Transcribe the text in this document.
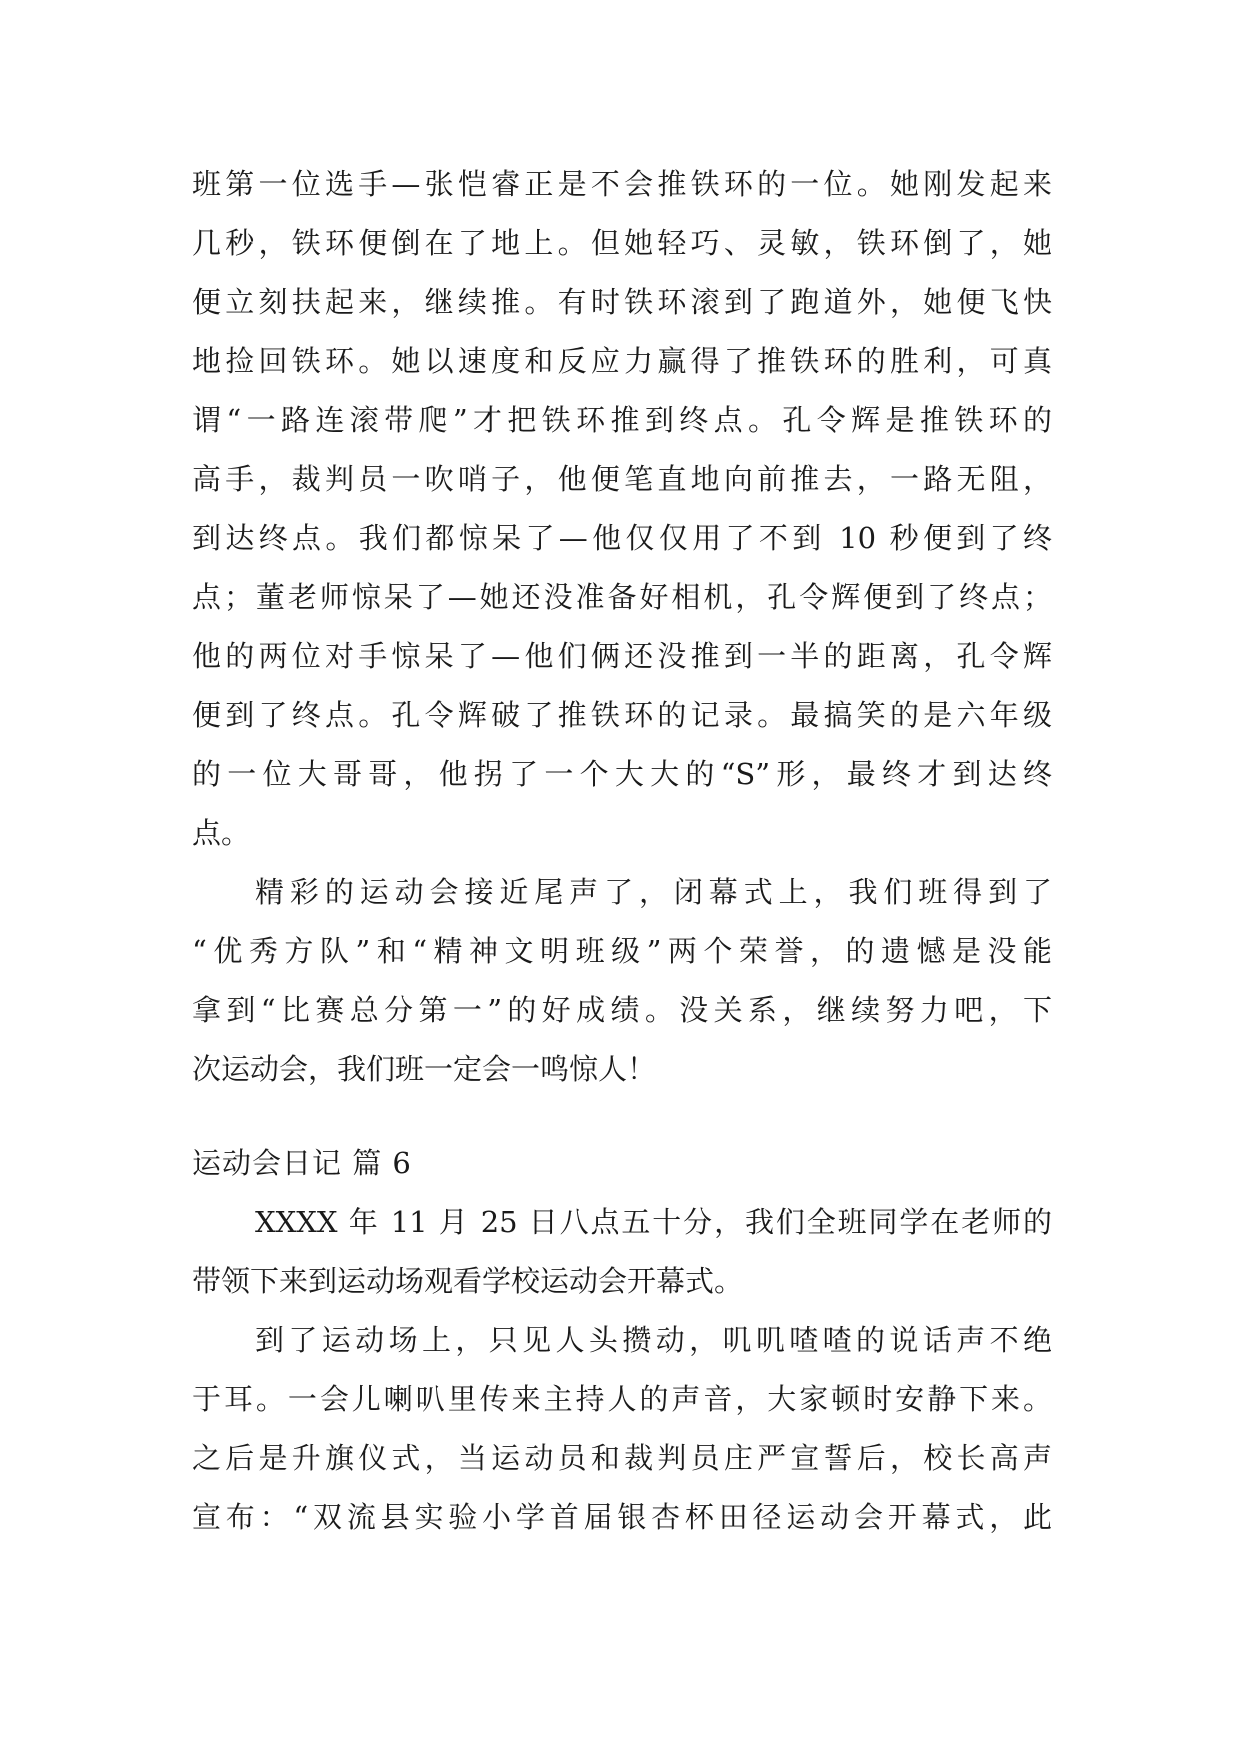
班第一位选手—张恺睿正是不会推铁环的一位。她刚发起来
几秒，铁环便倒在了地上。但她轻巧、灵敏，铁环倒了，她
便立刻扶起来，继续推。有时铁环滚到了跑道外，她便飞快
地捡回铁环。她以速度和反应力赢得了推铁环的胜利，可真
谓“一路连滚带爬”才把铁环推到终点。孔令辉是推铁环的
高手，裁判员一吹哨子，他便笔直地向前推去，一路无阻，
到达终点。我们都惊呆了—他仅仅用了不到 10 秒便到了终
点；董老师惊呆了—她还没准备好相机，孔令辉便到了终点；
他的两位对手惊呆了—他们俩还没推到一半的距离，孔令辉
便到了终点。孔令辉破了推铁环的记录。最搞笑的是六年级
的一位大哥哥，他拐了一个大大的“S”形，最终才到达终
点。
精彩的运动会接近尾声了，闭幕式上，我们班得到了
“优秀方队”和“精神文明班级”两个荣誉，的遗憾是没能
拿到“比赛总分第一”的好成绩。没关系，继续努力吧，下
次运动会，我们班一定会一鸣惊人！
运动会日记 篇 6
XXXX 年 11 月 25 日八点五十分，我们全班同学在老师的
带领下来到运动场观看学校运动会开幕式。
到了运动场上，只见人头攒动，叽叽喳喳的说话声不绝
于耳。一会儿喇叭里传来主持人的声音，大家顿时安静下来。
之后是升旗仪式，当运动员和裁判员庄严宣誓后，校长高声
宣布：“双流县实验小学首届银杏杯田径运动会开幕式，此
